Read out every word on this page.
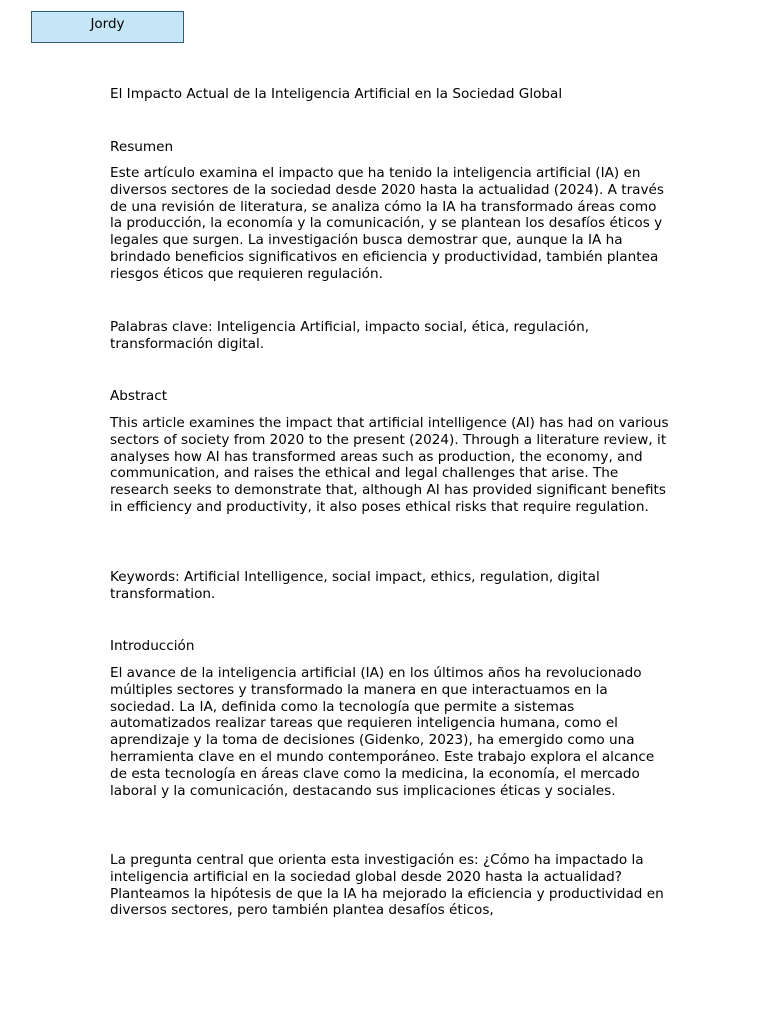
Jordy

El Impacto Actual de la Inteligencia Artificial en la Sociedad Global

Resumen

Este artículo examina el impacto que ha tenido la inteligencia artificial (IA) en diversos sectores de la sociedad desde 2020 hasta la actualidad (2024). A través de una revisión de literatura, se analiza cómo la IA ha transformado áreas como la producción, la economía y la comunicación, y se plantean los desafíos éticos y legales que surgen. La investigación busca demostrar que, aunque la IA ha brindado beneficios significativos en eficiencia y productividad, también plantea riesgos éticos que requieren regulación.

Palabras clave: Inteligencia Artificial, impacto social, ética, regulación, transformación digital.

Abstract

This article examines the impact that artificial intelligence (AI) has had on various sectors of society from 2020 to the present (2024). Through a literature review, it analyses how AI has transformed areas such as production, the economy, and communication, and raises the ethical and legal challenges that arise. The research seeks to demonstrate that, although AI has provided significant benefits in efficiency and productivity, it also poses ethical risks that require regulation.

Keywords: Artificial Intelligence, social impact, ethics, regulation, digital transformation.

Introducción

El avance de la inteligencia artificial (IA) en los últimos años ha revolucionado múltiples sectores y transformado la manera en que interactuamos en la sociedad. La IA, definida como la tecnología que permite a sistemas automatizados realizar tareas que requieren inteligencia humana, como el aprendizaje y la toma de decisiones (Gidenko, 2023), ha emergido como una herramienta clave en el mundo contemporáneo. Este trabajo explora el alcance de esta tecnología en áreas clave como la medicina, la economía, el mercado laboral y la comunicación, destacando sus implicaciones éticas y sociales.

La pregunta central que orienta esta investigación es: ¿Cómo ha impactado la inteligencia artificial en la sociedad global desde 2020 hasta la actualidad? Planteamos la hipótesis de que la IA ha mejorado la eficiencia y productividad en diversos sectores, pero también plantea desafíos éticos,
